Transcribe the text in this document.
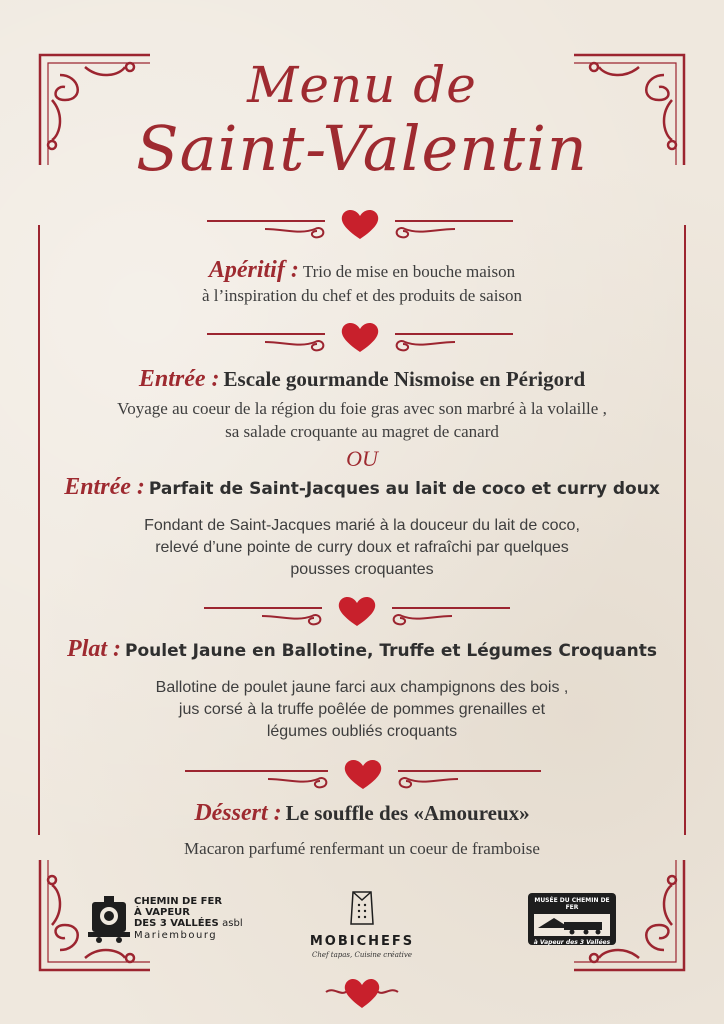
Menu de
Saint-Valentin
Apéritif : Trio de mise en bouche maison
à l’inspiration du chef et des produits de saison
Entrée : Escale gourmande Nismoise en Périgord
Voyage au coeur de la région du foie gras avec son marbré à la volaille ,
sa salade croquante au magret de canard
OU
Entrée : Parfait de Saint-Jacques au lait de coco et curry doux
Fondant de Saint-Jacques marié à la douceur du lait de coco,
relevé d’une pointe de curry doux et rafraîchi par quelques
pousses croquantes
Plat : Poulet Jaune en Ballotine, Truffe et Légumes Croquants
Ballotine de poulet jaune farci aux champignons des bois ,
jus corsé à la truffe poêlée de pommes grenailles et
légumes oubliés croquants
Déssert : Le souffle des «Amoureux»
Macaron parfumé renfermant un coeur de framboise
CHEMIN DE FER
À VAPEUR
DES 3 VALLÉES asbl
Mariembourg	MOBICHEFS
Chef tapas, Cuisine créative
MUSÉE DU CHEMIN DE FER
à Vapeur des 3 Vallées
